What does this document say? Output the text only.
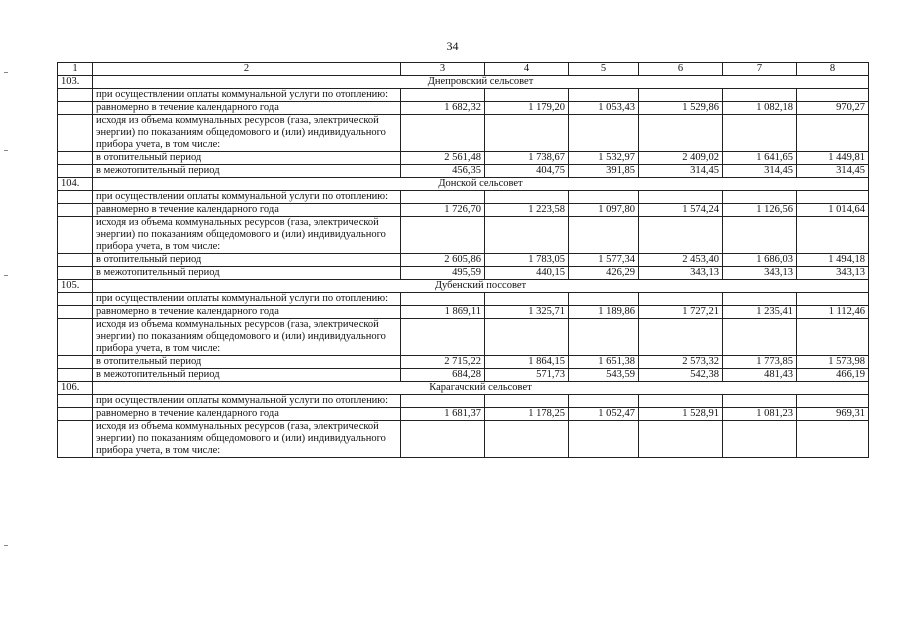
34
1	2	3	4	5	6	7	8
103.	Днепровский сельсовет						
	при осуществлении оплаты коммунальной услуги по отоплению:						
	равномерно в течение календарного года	1 682,32	1 179,20	1 053,43	1 529,86	1 082,18	970,27
	исходя из объема коммунальных ресурсов (газа, электрической энергии) по показаниям общедомового и (или) индивидуального прибора учета, в том числе:						
	в отопительный период	2 561,48	1 738,67	1 532,97	2 409,02	1 641,65	1 449,81
	в межотопительный период	456,35	404,75	391,85	314,45	314,45	314,45
104.	Донской сельсовет						
	при осуществлении оплаты коммунальной услуги по отоплению:						
	равномерно в течение календарного года	1 726,70	1 223,58	1 097,80	1 574,24	1 126,56	1 014,64
	исходя из объема коммунальных ресурсов (газа, электрической энергии) по показаниям общедомового и (или) индивидуального прибора учета, в том числе:						
	в отопительный период	2 605,86	1 783,05	1 577,34	2 453,40	1 686,03	1 494,18
	в межотопительный период	495,59	440,15	426,29	343,13	343,13	343,13
105.	Дубенский поссовет						
	при осуществлении оплаты коммунальной услуги по отоплению:						
	равномерно в течение календарного года	1 869,11	1 325,71	1 189,86	1 727,21	1 235,41	1 112,46
	исходя из объема коммунальных ресурсов (газа, электрической энергии) по показаниям общедомового и (или) индивидуального прибора учета, в том числе:						
	в отопительный период	2 715,22	1 864,15	1 651,38	2 573,32	1 773,85	1 573,98
	в межотопительный период	684,28	571,73	543,59	542,38	481,43	466,19
106.	Карагачский сельсовет						
	при осуществлении оплаты коммунальной услуги по отоплению:						
	равномерно в течение календарного года	1 681,37	1 178,25	1 052,47	1 528,91	1 081,23	969,31
	исходя из объема коммунальных ресурсов (газа, электрической энергии) по показаниям общедомового и (или) индивидуального прибора учета, в том числе:						
